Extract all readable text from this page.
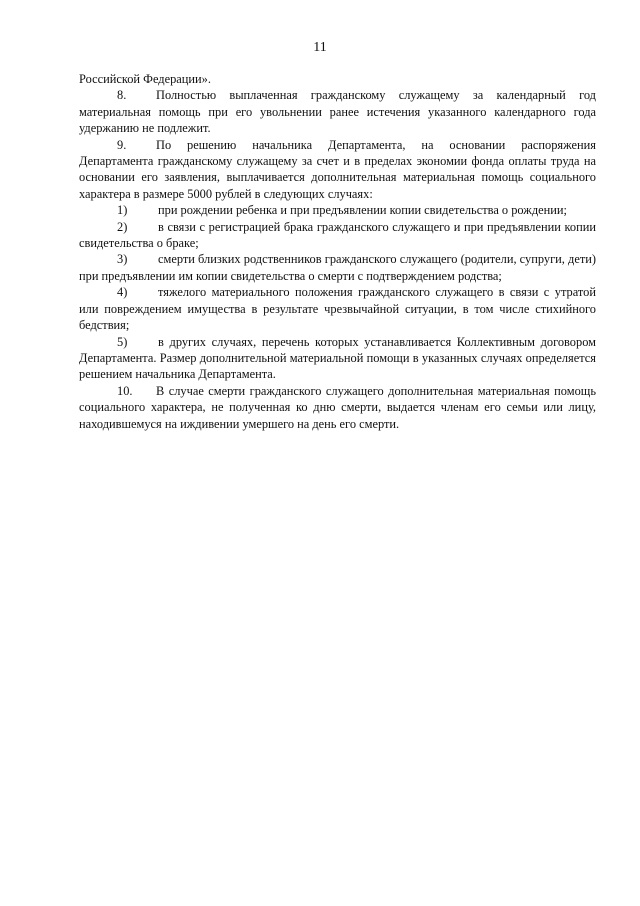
11

Российской Федерации».

8. Полностью выплаченная гражданскому служащему за календарный год материальная помощь при его увольнении ранее истечения указанного календарного года удержанию не подлежит.

9. По решению начальника Департамента, на основании распоряжения Департамента гражданскому служащему за счет и в пределах экономии фонда оплаты труда на основании его заявления, выплачивается дополнительная материальная помощь социального характера в размере 5000 рублей в следующих случаях:

1) при рождении ребенка и при предъявлении копии свидетельства о рождении;

2) в связи с регистрацией брака гражданского служащего и при предъявлении копии свидетельства о браке;

3) смерти близких родственников гражданского служащего (родители, супруги, дети) при предъявлении им копии свидетельства о смерти с подтверждением родства;

4) тяжелого материального положения гражданского служащего в связи с утратой или повреждением имущества в результате чрезвычайной ситуации, в том числе стихийного бедствия;

5) в других случаях, перечень которых устанавливается Коллективным договором Департамента. Размер дополнительной материальной помощи в указанных случаях определяется решением начальника Департамента.

10. В случае смерти гражданского служащего дополнительная материальная помощь социального характера, не полученная ко дню смерти, выдается членам его семьи или лицу, находившемуся на иждивении умершего на день его смерти.
